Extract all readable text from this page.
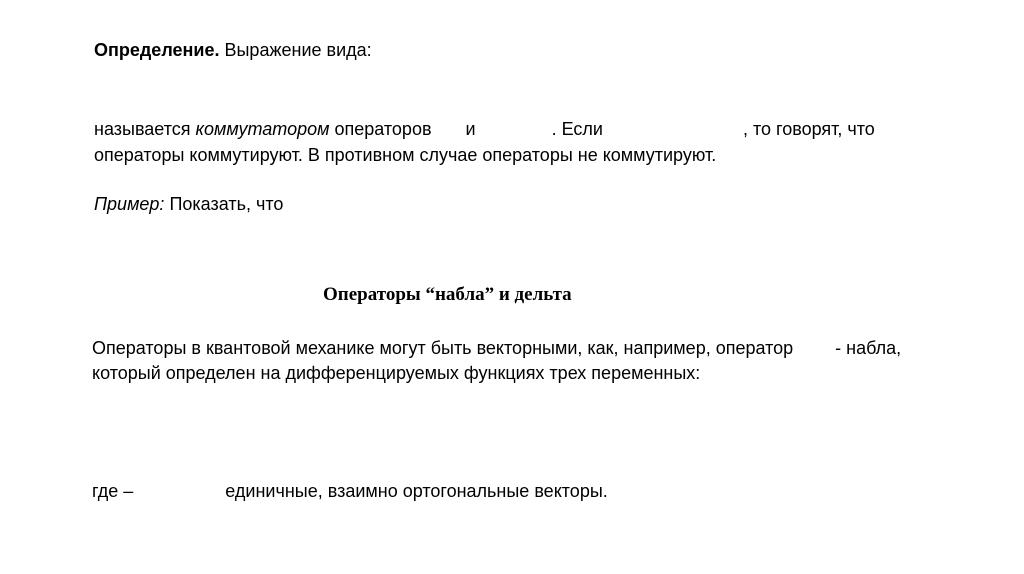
Определение. Выражение вида:
называется коммутатором операторов и	. Если	, то говорят, что
операторы коммутируют. В противном случае операторы не коммутируют.
Пример: Показать, что
Операторы “набла” и дельта
Операторы в квантовой механике могут быть векторными, как, например, оператор - набла,
который определен на дифференцируемых функциях трех переменных:
где –	единичные, взаимно ортогональные векторы.
